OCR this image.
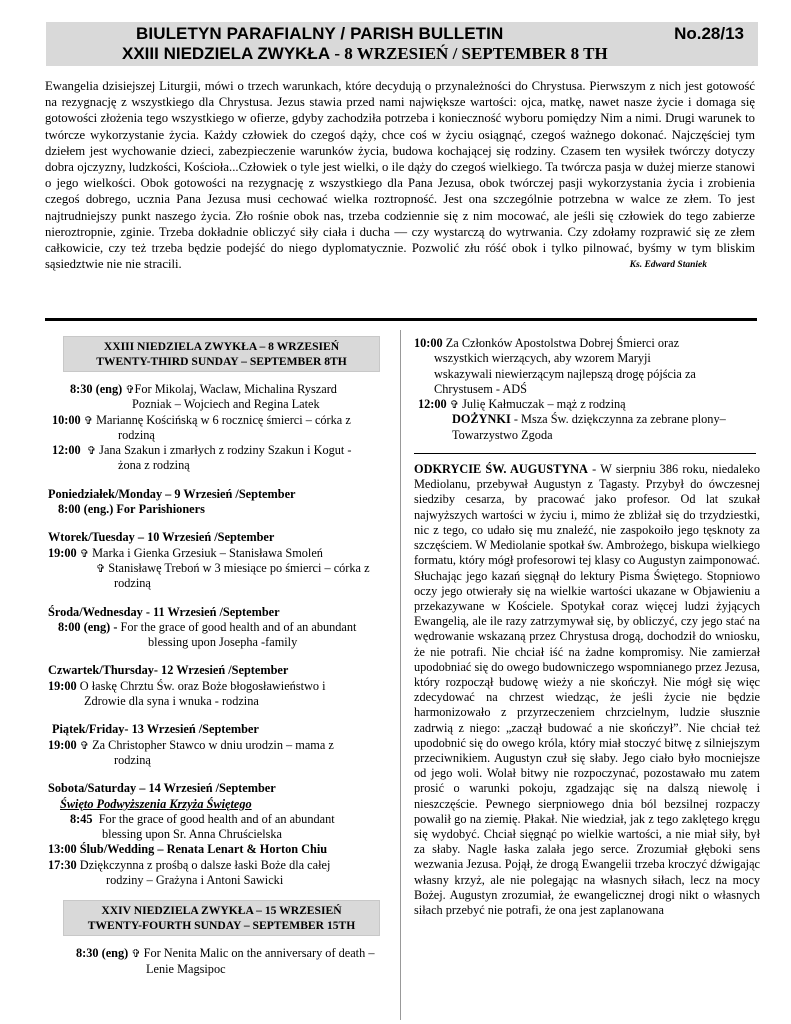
BIULETYN PARAFIALNY / PARISH BULLETIN	No.28/13
XXIII NIEDZIELA ZWYKŁA - 8 WRZESIEŃ / SEPTEMBER 8 TH
Ewangelia dzisiejszej Liturgii, mówi o trzech warunkach, które decydują o przynależności do Chrystusa. Pierwszym z nich jest gotowość na rezygnację z wszystkiego dla Chrystusa. Jezus stawia przed nami największe wartości: ojca, matkę, nawet nasze życie i domaga się gotowości złożenia tego wszystkiego w ofierze, gdyby zachodziła potrzeba i konieczność wyboru pomiędzy Nim a nimi. Drugi warunek to twórcze wykorzystanie życia. Każdy człowiek do czegoś dąży, chce coś w życiu osiągnąć, czegoś ważnego dokonać. Najczęściej tym dziełem jest wychowanie dzieci, zabezpieczenie warunków życia, budowa kochającej się rodziny. Czasem ten wysiłek twórczy dotyczy dobra ojczyzny, ludzkości, Kościoła...Człowiek o tyle jest wielki, o ile dąży do czegoś wielkiego. Ta twórcza pasja w dużej mierze stanowi o jego wielkości. Obok gotowości na rezygnację z wszystkiego dla Pana Jezusa, obok twórczej pasji wykorzystania życia i zrobienia czegoś dobrego, ucznia Pana Jezusa musi cechować wielka roztropność. Jest ona szczególnie potrzebna w walce ze złem. To jest najtrudniejszy punkt naszego życia. Zło rośnie obok nas, trzeba codziennie się z nim mocować, ale jeśli się człowiek do tego zabierze nieroztropnie, zginie. Trzeba dokładnie obliczyć siły ciała i ducha — czy wystarczą do wytrwania. Czy zdołamy rozprawić się ze złem całkowicie, czy też trzeba będzie podejść do niego dyplomatycznie. Pozwolić złu róść obok i tylko pilnować, byśmy w tym bliskim sąsiedztwie nie nie stracili.	Ks. Edward Staniek
XXIII NIEDZIELA ZWYKŁA – 8 WRZESIEŃ
TWENTY-THIRD SUNDAY – SEPTEMBER 8TH
8:30 (eng) ✞For Mikolaj, Waclaw, Michalina Ryszard
Pozniak – Wojciech and Regina Latek
10:00 ✞ Mariannę Kościńską w 6 rocznicę śmierci – córka z
rodziną
12:00 ✞ Jana Szakun i zmarłych z rodziny Szakun i Kogut -
żona z rodziną
Poniedziałek/Monday – 9 Wrzesień /September
8:00 (eng.) For Parishioners
Wtorek/Tuesday – 10 Wrzesień /September
19:00 ✞ Marka i Gienka Grzesiuk – Stanisława Smoleń
✞ Stanisławę Treboń w 3 miesiące po śmierci – córka z
rodziną
Środa/Wednesday - 11 Wrzesień /September
8:00 (eng) - For the grace of good health and of an abundant
blessing upon Josepha -family
Czwartek/Thursday- 12 Wrzesień /September
19:00 O łaskę Chrztu Św. oraz Boże błogosławieństwo i
Zdrowie dla syna i wnuka - rodzina
Piątek/Friday- 13 Wrzesień /September
19:00 ✞ Za Christopher Stawco w dniu urodzin – mama z
rodziną
Sobota/Saturday – 14 Wrzesień /September
Święto Podwyższenia Krzyża Świętego
8:45 For the grace of good health and of an abundant
blessing upon Sr. Anna Chruścielska
13:00 Ślub/Wedding – Renata Lenart & Horton Chiu
17:30 Dziękczynna z prośbą o dalsze łaski Boże dla całej
rodziny – Grażyna i Antoni Sawicki
XXIV NIEDZIELA ZWYKŁA – 15 WRZESIEŃ
TWENTY-FOURTH SUNDAY – SEPTEMBER 15TH
8:30 (eng) ✞ For Nenita Malic on the anniversary of death –
Lenie Magsipoc
10:00 Za Członków Apostolstwa Dobrej Śmierci oraz
wszystkich wierzących, aby wzorem Maryji
wskazywali niewierzącym najlepszą drogę pójścia za
Chrystusem - ADŚ
12:00 ✞ Julię Kałmuczak – mąż z rodziną
DOŻYNKI - Msza Św. dziękczynna za zebrane plony–
Towarzystwo Zgoda
ODKRYCIE ŚW. AUGUSTYNA - W sierpniu 386 roku, niedaleko Mediolanu, przebywał Augustyn z Tagasty. Przybył do ówczesnej siedziby cesarza, by pracować jako profesor. Od lat szukał najwyższych wartości w życiu i, mimo że zbliżał się do trzydziestki, nic z tego, co udało się mu znaleźć, nie zaspokoiło jego tęsknoty za szczęściem. W Mediolanie spotkał św. Ambrożego, biskupa wielkiego formatu, który mógł profesorowi tej klasy co Augustyn zaimponować. Słuchając jego kazań sięgnął do lektury Pisma Świętego. Stopniowo oczy jego otwierały się na wielkie wartości ukazane w Objawieniu a przekazywane w Kościele. Spotykał coraz więcej ludzi żyjących Ewangelią, ale ile razy zatrzymywał się, by obliczyć, czy jego stać na wędrowanie wskazaną przez Chrystusa drogą, dochodził do wniosku, że nie potrafi. Nie chciał iść na żadne kompromisy. Nie zamierzał upodobniać się do owego budowniczego wspomnianego przez Jezusa, który rozpoczął budowę wieży a nie skończył. Nie mógł się więc zdecydować na chrzest wiedząc, że jeśli życie nie będzie harmonizowało z przyrzeczeniem chrzcielnym, ludzie słusznie zadrwią z niego: „zaczął budować a nie skończył”. Nie chciał też upodobnić się do owego króla, który miał stoczyć bitwę z silniejszym przeciwnikiem. Augustyn czuł się słaby. Jego ciało było mocniejsze od jego woli. Wolał bitwy nie rozpoczynać, pozostawało mu zatem prosić o warunki pokoju, zgadzając się na dalszą niewolę i nieszczęście. Pewnego sierpniowego dnia ból bezsilnej rozpaczy powalił go na ziemię. Płakał. Nie wiedział, jak z tego zaklętego kręgu się wydobyć. Chciał sięgnąć po wielkie wartości, a nie miał siły, był za słaby. Nagle łaska zalała jego serce. Zrozumiał głęboki sens wezwania Jezusa. Pojął, że drogą Ewangelii trzeba kroczyć dźwigając własny krzyż, ale nie polegając na własnych siłach, lecz na mocy Bożej. Augustyn zrozumiał, że ewangelicznej drogi nikt o własnych siłach przebyć nie potrafi, że ona jest zaplanowana
